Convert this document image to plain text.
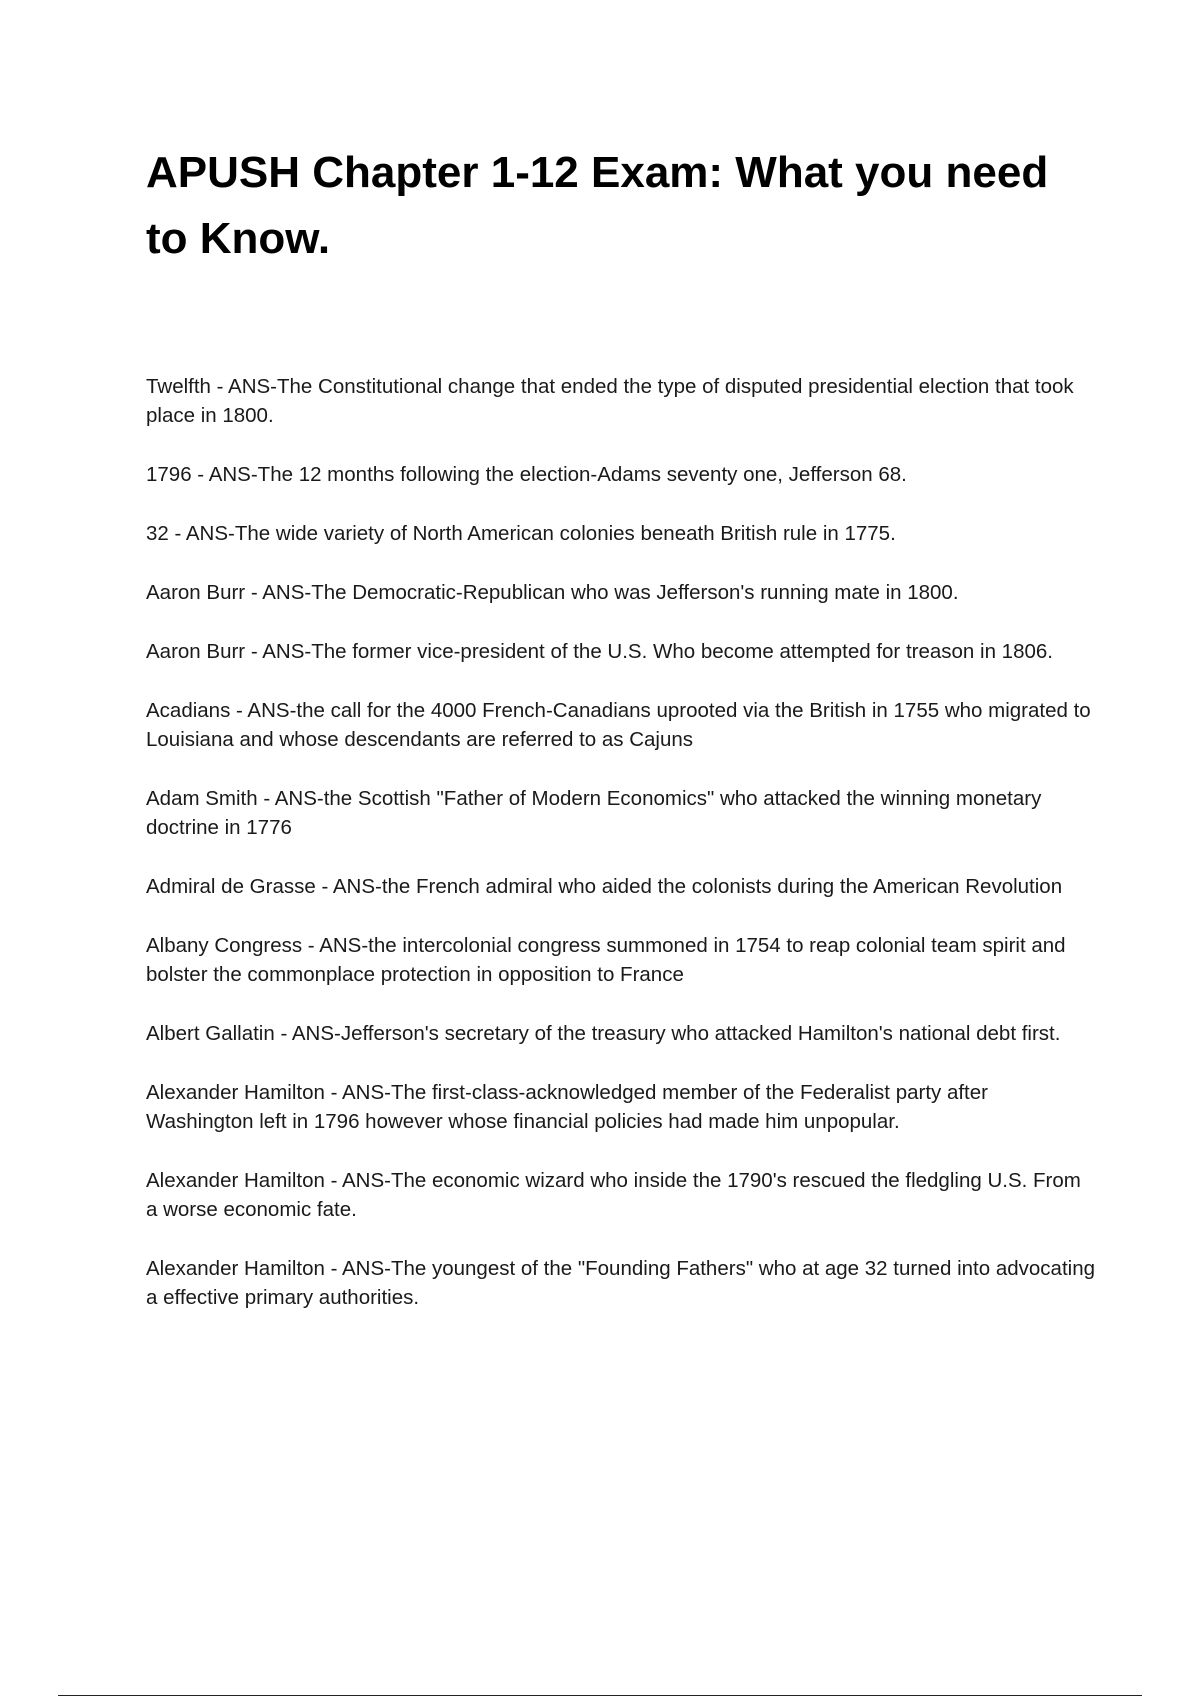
APUSH Chapter 1-12 Exam: What you need to Know.

Twelfth - ANS-The Constitutional change that ended the type of disputed presidential election that took place in 1800.

1796 - ANS-The 12 months following the election-Adams seventy one, Jefferson 68.

32 - ANS-The wide variety of North American colonies beneath British rule in 1775.

Aaron Burr - ANS-The Democratic-Republican who was Jefferson's running mate in 1800.

Aaron Burr - ANS-The former vice-president of the U.S. Who become attempted for treason in 1806.

Acadians - ANS-the call for the 4000 French-Canadians uprooted via the British in 1755 who migrated to Louisiana and whose descendants are referred to as Cajuns

Adam Smith - ANS-the Scottish "Father of Modern Economics" who attacked the winning monetary doctrine in 1776

Admiral de Grasse - ANS-the French admiral who aided the colonists during the American Revolution

Albany Congress - ANS-the intercolonial congress summoned in 1754 to reap colonial team spirit and bolster the commonplace protection in opposition to France

Albert Gallatin - ANS-Jefferson's secretary of the treasury who attacked Hamilton's national debt first.

Alexander Hamilton - ANS-The first-class-acknowledged member of the Federalist party after Washington left in 1796 however whose financial policies had made him unpopular.

Alexander Hamilton - ANS-The economic wizard who inside the 1790's rescued the fledgling U.S. From a worse economic fate.

Alexander Hamilton - ANS-The youngest of the "Founding Fathers" who at age 32 turned into advocating a effective primary authorities.
